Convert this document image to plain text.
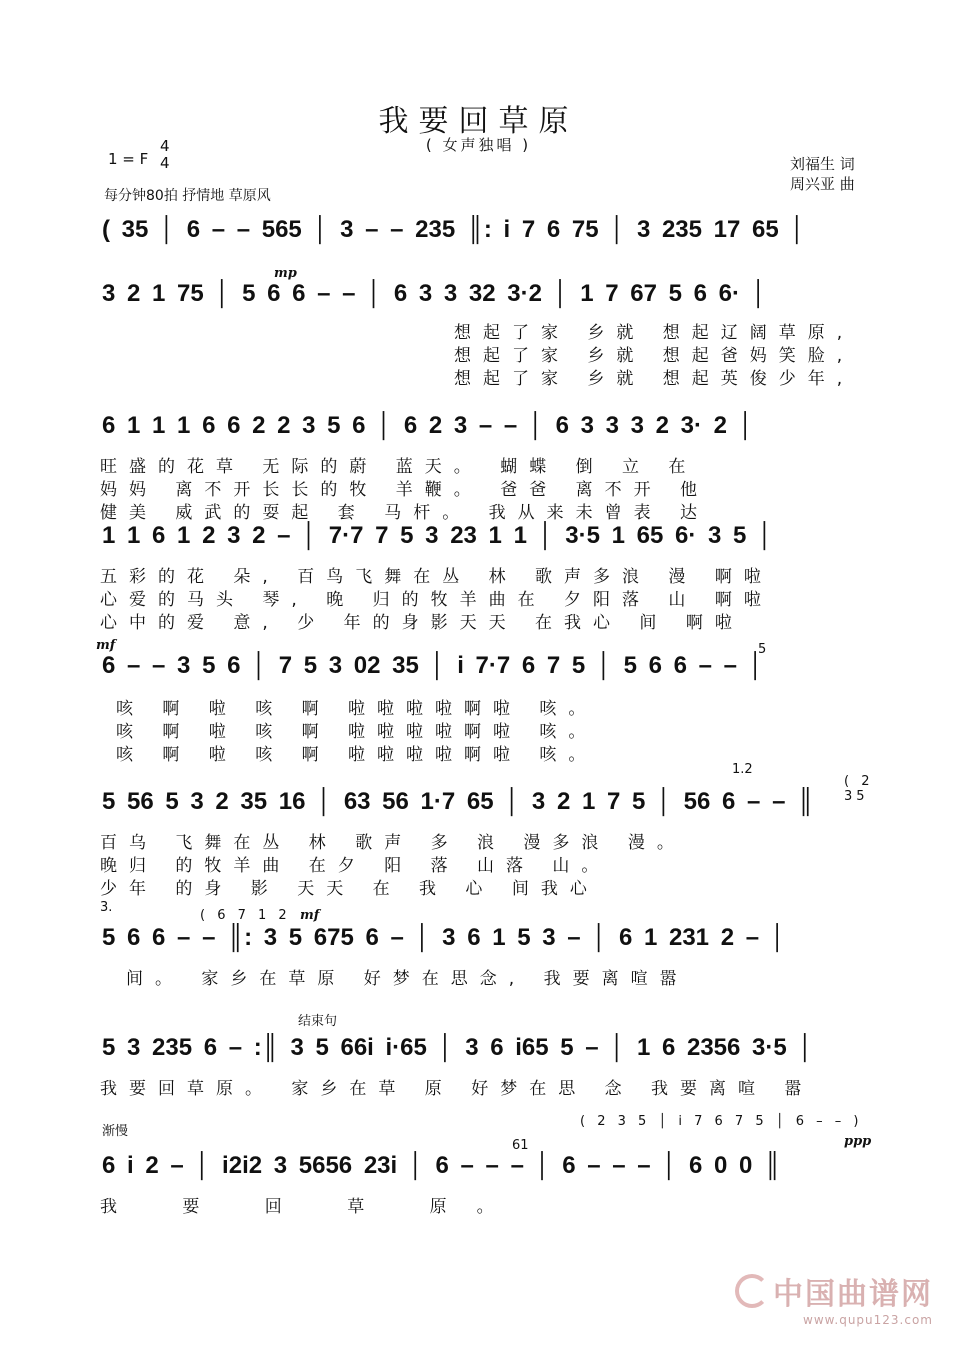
我要回草原
( 女声独唱 )
1 = F
4
4
每分钟80拍 抒情地 草原风
刘福生 词
周兴亚 曲
( 35 │ 6 – – 565 │ 3 – – 235 ║: i 7 6 75 │ 3 235 17 65 │
mp
3 2 1 75 │ 5 6 6 – – │ 6 3 3 32 3·2 │ 1 7 67 5 6 6· │
想起了家 乡就 想起辽阔草原,
想起了家 乡就 想起爸妈笑脸,
想起了家 乡就 想起英俊少年,
6 1 1 1 6 6 2 2 3 5 6 │ 6 2 3 – – │ 6 3 3 3 2 3· 2 │
旺盛的花草 无际的蔚 蓝天。 蝴蝶 倒 立 在
妈妈 离不开长长的牧 羊鞭。 爸爸 离不开 他
健美 威武的耍起 套 马杆。 我从来未曾表 达
1 1 6 1 2 3 2 – │ 7·7 7 5 3 23 1 1 │ 3·5 1 65 6· 3 5 │
五彩的花 朵, 百鸟飞舞在丛 林 歌声多浪 漫 啊啦
心爱的马头 琴, 晚 归的牧羊曲在 夕阳落 山 啊啦
心中的爱 意, 少 年的身影天天 在我心 间 啊啦
mf	5
6 – – 3 5 6 │ 7 5 3 02 35 │ i 7·7 6 7 5 │ 5 6 6 – – │
咳 啊 啦 咳 啊 啦啦啦啦啊啦 咳。
咳 啊 啦 咳 啊 啦啦啦啦啊啦 咳。
咳 啊 啦 咳 啊 啦啦啦啦啊啦 咳。
1.2
( 2 35
5 56 5 3 2 35 16 │ 63 56 1·7 65 │ 3 2 1 7 5 │ 56 6 – – ║
百乌 飞舞在丛 林 歌声 多 浪 漫多浪 漫。
晚归 的牧羊曲 在夕 阳 落 山落 山。
少年 的身 影 天天 在 我 心 间我心
3.
( 6 7 1 2 mf
5 6 6 – – ║: 3 5 675 6 – │ 3 6 1 5 3 – │ 6 1 231 2 – │
间。 家乡在草原 好梦在思念, 我要离喧嚣
结束句
5 3 235 6 – :║ 3 5 66i i·65 │ 3 6 i65 5 – │ 1 6 2356 3·5 │
我要回草原。 家乡在草 原 好梦在思 念 我要离喧 嚣
渐慢
( 2 3 5 │ i 7 6 7 5 │ 6 – – )
61	ppp
6 i 2 – │ i2i2 3 5656 23i │ 6 – – – │ 6 – – – │ 6 0 0 ║
我 要 回 草 原。
中国曲谱网
www.qupu123.com
